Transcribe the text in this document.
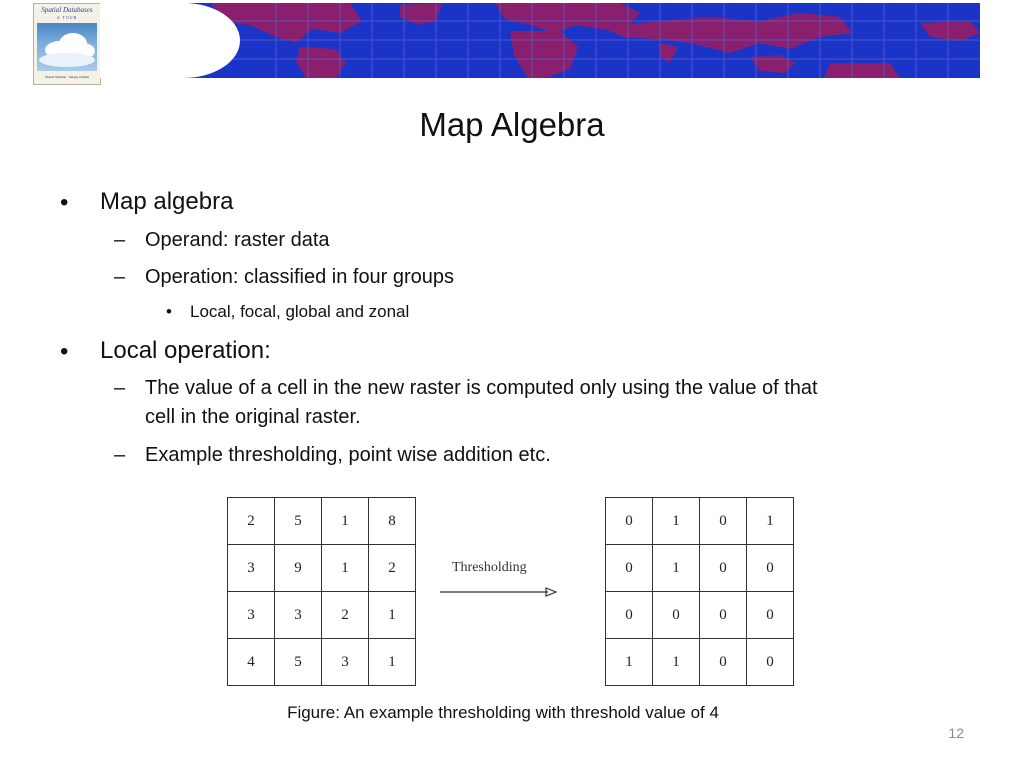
Spatial Databases
A TOUR
Shashi Shekhar · Sanjay Chawla
Map Algebra
• Map algebra
– Operand: raster data
– Operation: classified in four groups
• Local, focal, global and zonal
• Local operation:
– The value of a cell in the new raster is computed only using the value of that
cell in the original raster.
– Example thresholding, point wise addition etc.
2	5	1	8
3	9	1	2
3	3	2	1
4	5	3	1
Thresholding
0	1	0	1
0	1	0	0
0	0	0	0
1	1	0	0
Figure: An example thresholding with threshold value of 4
12
